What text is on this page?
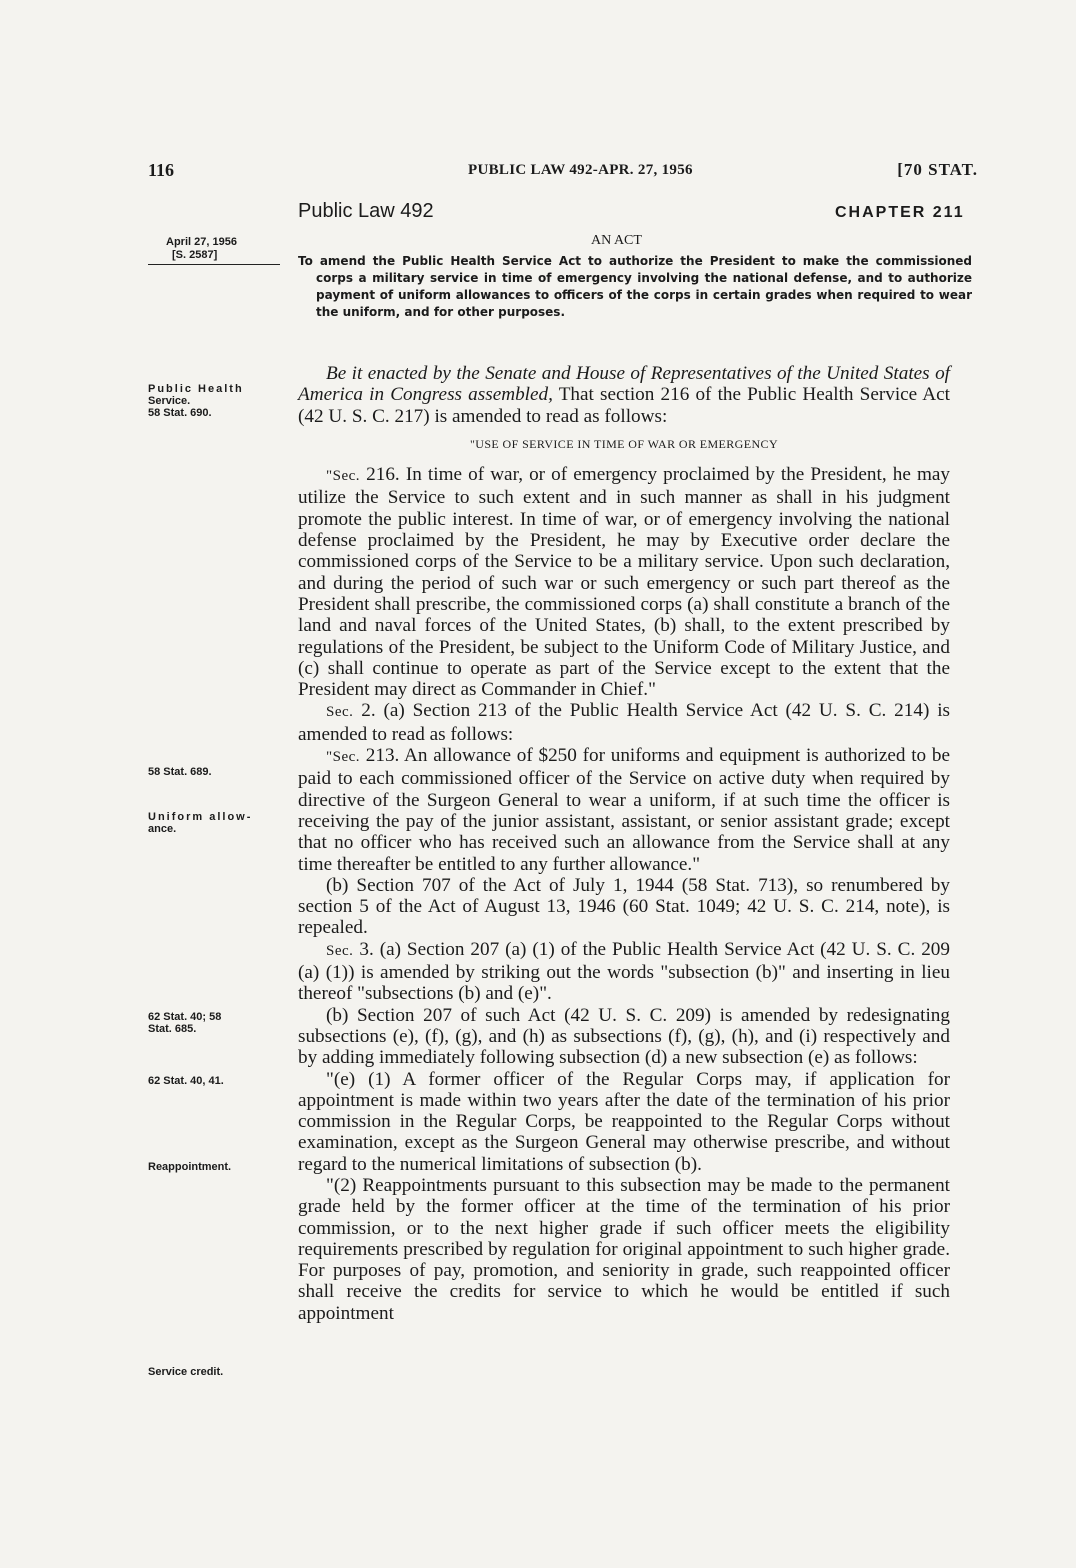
116	PUBLIC LAW 492-APR. 27, 1956	[70 STAT.
Public Law 492	CHAPTER 211
AN ACT
April 27, 1956
[S. 2587]	To amend the Public Health Service Act to authorize the President to make the commissioned corps a military service in time of emergency involving the national defense, and to authorize payment of uniform allowances to officers of the corps in certain grades when required to wear the uniform, and for other purposes.
Public Health
Service.
58 Stat. 690.
58 Stat. 689.
Uniform allow-
ance.
62 Stat. 40; 58
Stat. 685.
62 Stat. 40, 41.
Reappointment.
Service credit.

Be it enacted by the Senate and House of Representatives of the United States of America in Congress assembled, That section 216 of the Public Health Service Act (42 U. S. C. 217) is amended to read as follows:

"USE OF SERVICE IN TIME OF WAR OR EMERGENCY

"Sec. 216. In time of war, or of emergency proclaimed by the President, he may utilize the Service to such extent and in such manner as shall in his judgment promote the public interest. In time of war, or of emergency involving the national defense proclaimed by the President, he may by Executive order declare the commissioned corps of the Service to be a military service. Upon such declaration, and during the period of such war or such emergency or such part thereof as the President shall prescribe, the commissioned corps (a) shall constitute a branch of the land and naval forces of the United States, (b) shall, to the extent prescribed by regulations of the President, be subject to the Uniform Code of Military Justice, and (c) shall continue to operate as part of the Service except to the extent that the President may direct as Commander in Chief."

Sec. 2. (a) Section 213 of the Public Health Service Act (42 U. S. C. 214) is amended to read as follows:

"Sec. 213. An allowance of $250 for uniforms and equipment is authorized to be paid to each commissioned officer of the Service on active duty when required by directive of the Surgeon General to wear a uniform, if at such time the officer is receiving the pay of the junior assistant, assistant, or senior assistant grade; except that no officer who has received such an allowance from the Service shall at any time thereafter be entitled to any further allowance."

(b) Section 707 of the Act of July 1, 1944 (58 Stat. 713), so renumbered by section 5 of the Act of August 13, 1946 (60 Stat. 1049; 42 U. S. C. 214, note), is repealed.

Sec. 3. (a) Section 207 (a) (1) of the Public Health Service Act (42 U. S. C. 209 (a) (1)) is amended by striking out the words "subsection (b)" and inserting in lieu thereof "subsections (b) and (e)".

(b) Section 207 of such Act (42 U. S. C. 209) is amended by redesignating subsections (e), (f), (g), and (h) as subsections (f), (g), (h), and (i) respectively and by adding immediately following subsection (d) a new subsection (e) as follows:

"(e) (1) A former officer of the Regular Corps may, if application for appointment is made within two years after the date of the termination of his prior commission in the Regular Corps, be reappointed to the Regular Corps without examination, except as the Surgeon General may otherwise prescribe, and without regard to the numerical limitations of subsection (b).

"(2) Reappointments pursuant to this subsection may be made to the permanent grade held by the former officer at the time of the termination of his prior commission, or to the next higher grade if such officer meets the eligibility requirements prescribed by regulation for original appointment to such higher grade. For purposes of pay, promotion, and seniority in grade, such reappointed officer shall receive the credits for service to which he would be entitled if such appointment
